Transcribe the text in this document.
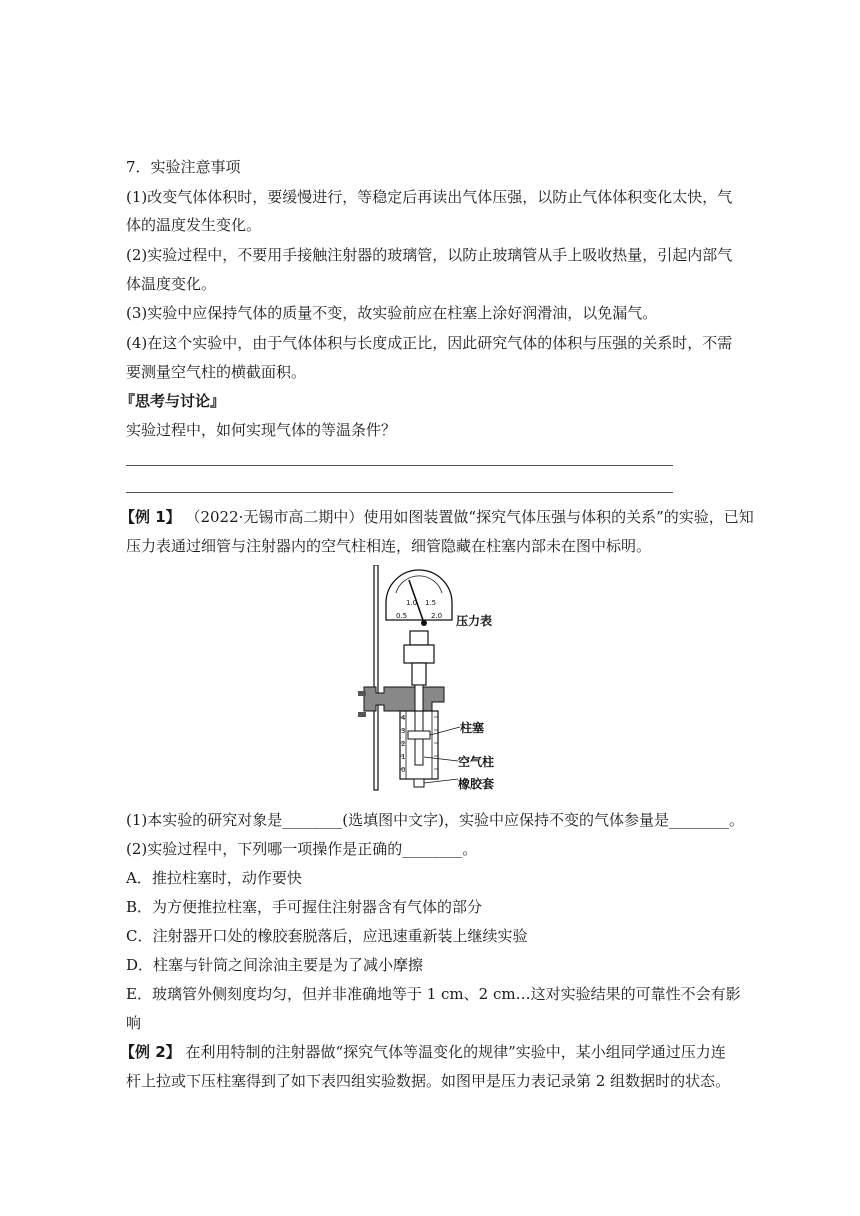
7．实验注意事项
(1)改变气体体积时，要缓慢进行，等稳定后再读出气体压强，以防止气体体积变化太快，气
体的温度发生变化。
(2)实验过程中，不要用手接触注射器的玻璃管，以防止玻璃管从手上吸收热量，引起内部气
体温度变化。
(3)实验中应保持气体的质量不变，故实验前应在柱塞上涂好润滑油，以免漏气。
(4)在这个实验中，由于气体体积与长度成正比，因此研究气体的体积与压强的关系时，不需
要测量空气柱的横截面积。
『思考与讨论』
实验过程中，如何实现气体的等温条件？
【例 1】 （2022·无锡市高二期中）使用如图装置做“探究气体压强与体积的关系”的实验，已知
压力表通过细管与注射器内的空气柱相连，细管隐藏在柱塞内部未在图中标明。
0.5
1.0 1.5
2.0 压力表
4
3
2
1
0
柱塞
空气柱
橡胶套
(1)本实验的研究对象是________(选填图中文字)，实验中应保持不变的气体参量是________。
(2)实验过程中，下列哪一项操作是正确的________。
A．推拉柱塞时，动作要快
B．为方便推拉柱塞，手可握住注射器含有气体的部分
C．注射器开口处的橡胶套脱落后，应迅速重新装上继续实验
D．柱塞与针筒之间涂油主要是为了减小摩擦
E．玻璃管外侧刻度均匀，但并非准确地等于 1 cm、2 cm…这对实验结果的可靠性不会有影
响
【例 2】 在利用特制的注射器做“探究气体等温变化的规律”实验中，某小组同学通过压力连
杆上拉或下压柱塞得到了如下表四组实验数据。如图甲是压力表记录第 2 组数据时的状态。
